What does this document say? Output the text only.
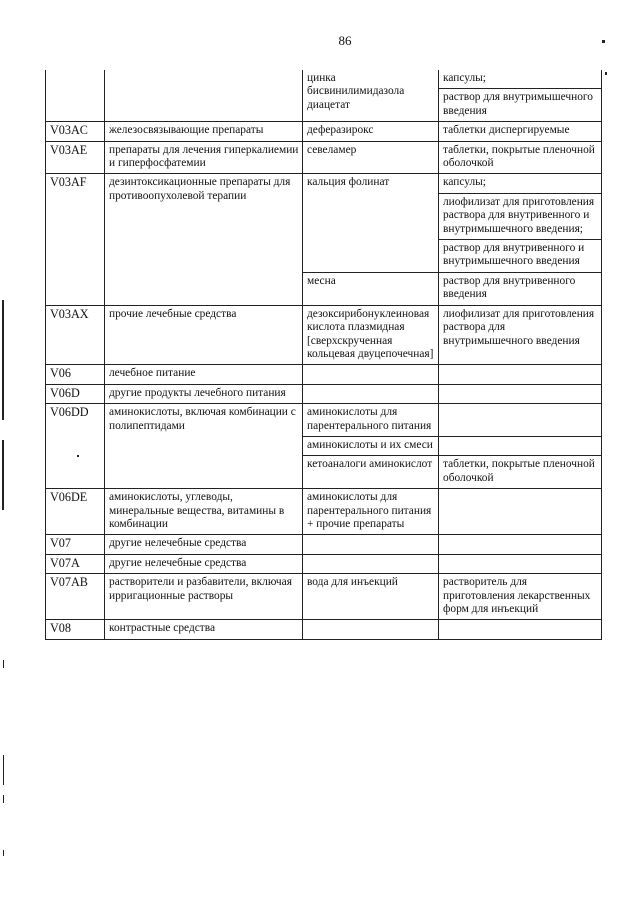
86
		цинка бисвинилимидазола диацетат	капсулы;
			раствор для внутримышечного введения
V03AC	железосвязывающие препараты	деферазирокс	таблетки диспергируемые
V03AE	препараты для лечения гиперкалиемии и гиперфосфатемии	севеламер	таблетки, покрытые пленочной оболочкой
V03AF	дезинтоксикационные препараты для противоопухолевой терапии	кальция фолинат	капсулы;
			лиофилизат для приготовления раствора для внутривенного и внутримышечного введения;
			раствор для внутривенного и внутримышечного введения
		месна	раствор для внутривенного введения
V03AX	прочие лечебные средства	дезоксирибонуклеиновая кислота плазмидная [сверхскрученная кольцевая двуцепочечная]	лиофилизат для приготовления раствора для внутримышечного введения
V06	лечебное питание		
V06D	другие продукты лечебного питания		
V06DD	аминокислоты, включая комбинации с полипептидами	аминокислоты для парентерального питания	
		аминокислоты и их смеси	
		кетоаналоги аминокислот	таблетки, покрытые пленочной оболочкой
V06DE	аминокислоты, углеводы, минеральные вещества, витамины в комбинации	аминокислоты для парентерального питания + прочие препараты	
V07	другие нелечебные средства		
V07A	другие нелечебные средства		
V07AB	растворители и разбавители, включая ирригационные растворы	вода для инъекций	растворитель для приготовления лекарственных форм для инъекций
V08	контрастные средства		
